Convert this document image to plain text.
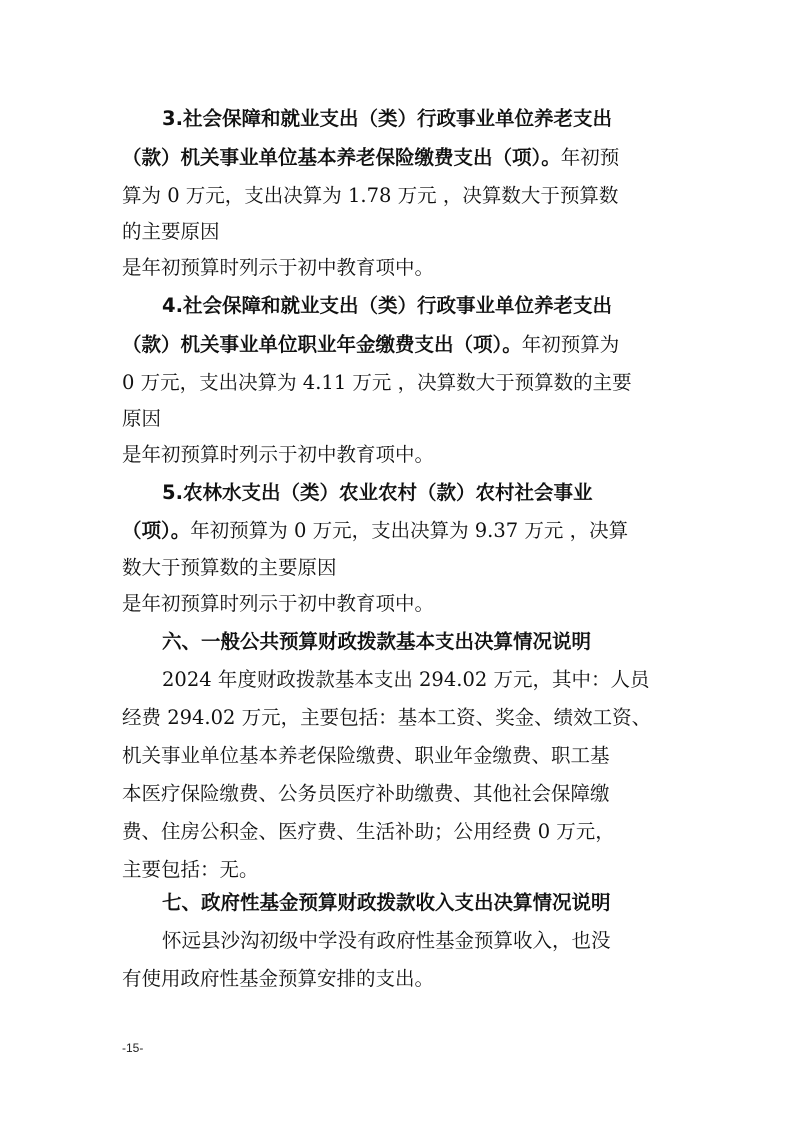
3.社会保障和就业支出（类）行政事业单位养老支出
（款）机关事业单位基本养老保险缴费支出（项）。年初预
算为 0 万元，支出决算为 1.78 万元 ，决算数大于预算数
的主要原因
是年初预算时列示于初中教育项中。
4.社会保障和就业支出（类）行政事业单位养老支出
（款）机关事业单位职业年金缴费支出（项）。年初预算为
0 万元，支出决算为 4.11 万元 ，决算数大于预算数的主要
原因
是年初预算时列示于初中教育项中。
5.农林水支出（类）农业农村（款）农村社会事业
（项）。年初预算为 0 万元，支出决算为 9.37 万元 ，决算
数大于预算数的主要原因
是年初预算时列示于初中教育项中。
六、一般公共预算财政拨款基本支出决算情况说明
2024 年度财政拨款基本支出 294.02 万元，其中：人员
经费 294.02 万元，主要包括：基本工资、奖金、绩效工资、
机关事业单位基本养老保险缴费、职业年金缴费、职工基
本医疗保险缴费、公务员医疗补助缴费、其他社会保障缴
费、住房公积金、医疗费、生活补助；公用经费 0 万元，
主要包括：无。
七、政府性基金预算财政拨款收入支出决算情况说明
怀远县沙沟初级中学没有政府性基金预算收入，也没
有使用政府性基金预算安排的支出。
-15-
